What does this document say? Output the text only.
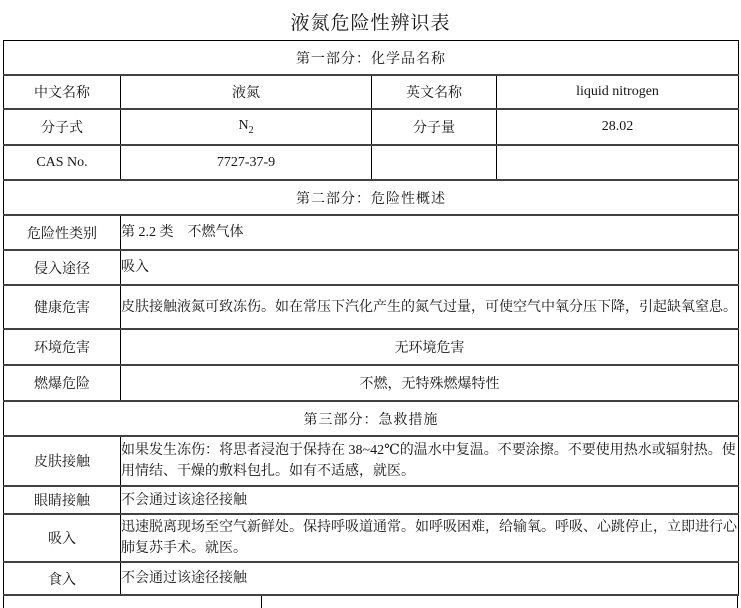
液氮危险性辨识表
第一部分：化学品名称			
中文名称	液氮	英文名称	liquid nitrogen
分子式	$N_2$	分子量	28.02
CAS No.	7727-37-9		
第二部分：危险性概述			
危险性类别	第 2.2 类　不燃气体		
侵入途径	吸入		
健康危害	皮肤接触液氮可致冻伤。如在常压下汽化产生的氮气过量，可使空气中氧分压下降，引起缺氧窒息。		
环境危害	无环境危害		
燃爆危险	不燃，无特殊燃爆特性		
第三部分：急救措施			
皮肤接触	如果发生冻伤：将思者浸泡于保持在 38~42℃的温水中复温。不要涂擦。不要使用热水或辐射热。使用情结、干燥的敷料包扎。如有不适感，就医。		
眼睛接触	不会通过该途径接触		
吸入	迅速脱离现场至空气新鲜处。保持呼吸道通常。如呼吸困难，给输氧。呼吸、心跳停止，立即进行心肺复苏手术。就医。		
食入	不会通过该途径接触		
